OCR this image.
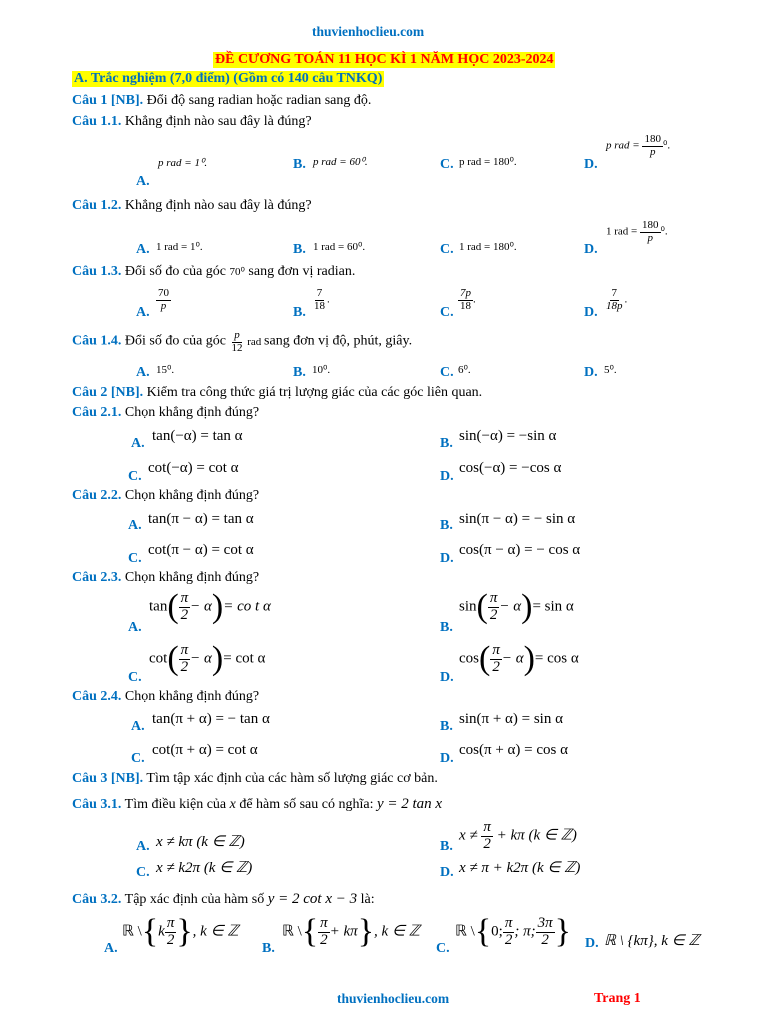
thuvienhoclieu.com
ĐỀ CƯƠNG TOÁN 11 HỌC KÌ 1 NĂM HỌC 2023-2024
A. Trắc nghiệm (7,0 điểm) (Gồm có 140 câu TNKQ)
Câu 1 [NB]. Đổi độ sang radian hoặc radian sang độ.
Câu 1.1. Khẳng định nào sau đây là đúng?
p rad = 1⁰.
A.
B. p rad = 60⁰.	C. p rad = 180⁰.	D.
p rad = $\frac{180}{p} ^0$.
Câu 1.2. Khẳng định nào sau đây là đúng?
A. 1 rad = 1⁰.	B. 1 rad = 60⁰.	C. 1 rad = 180⁰.	D.
1 rad = $\frac{180}{p} ^0$.
Câu 1.3. Đổi số đo của góc 70⁰ sang đơn vị radian.
A.
$\frac{70}{p}$
B.
$\frac{7}{18}$ .
C.
$\frac{7p}{18}$ .
D.
$\frac{7}{18p}$ .
Câu 1.4. Đổi số đo của góc $\frac{p}{12}$ rad sang đơn vị độ, phút, giây.
A. 15⁰.	B. 10⁰.	C. 6⁰.	D. 5⁰.
Câu 2 [NB]. Kiểm tra công thức giá trị lượng giác của các góc liên quan.
Câu 2.1. Chọn khẳng định đúng?
A. tan(−α) = tan α	B. sin(−α) = −sin α
C.
cot(−α) = cot α
D.
cos(−α) = −cos α
Câu 2.2. Chọn khẳng định đúng?
A. tan(π − α) = tan α	B. sin(π − α) = − sin α
C.
cot(π − α) = cot α
D.
cos(π − α) = − cos α
Câu 2.3. Chọn khẳng định đúng?
A.
$\tan( \frac{\pi}{2} - \alpha)=$ co t α
B.
$\sin( \frac{\pi}{2} - \alpha)= \sin \alpha$
C.
$\cot( \frac{\pi}{2} - \alpha)= \cot \alpha$
D.
$\cos( \frac{\pi}{2} - \alpha)= \cos \alpha$
Câu 2.4. Chọn khẳng định đúng?
A. tan(π + α) = − tan α	B. sin(π + α) = sin α
C.
cot(π + α) = cot α
D.
cos(π + α) = cos α
Câu 3 [NB]. Tìm tập xác định của các hàm số lượng giác cơ bản.
Câu 3.1. Tìm điều kiện của x để hàm số sau có nghĩa: y = 2 tan x
A. x ≠ kπ (k ∈ ℤ)	B.
$x \ne \frac{\pi}{2} + k\pi$ (k ∈ ℤ)
C. x ≠ k2π (k ∈ ℤ)	D. x ≠ π + k2π (k ∈ ℤ)
Câu 3.2. Tập xác định của hàm số y = 2 cot x − 3 là:
A.
ℝ \{k $\frac{\pi}{2}$ }, k ∈ ℤ
B.
ℝ \{ $\frac{\pi}{2} + k\pi$}, k ∈ ℤ
C.
ℝ \{0; $\frac{\pi}{2}$ ; π; $\frac{3\pi}{2}$ } D. ℝ \ {kπ}, k ∈ ℤ
thuvienhoclieu.com	Trang 1
